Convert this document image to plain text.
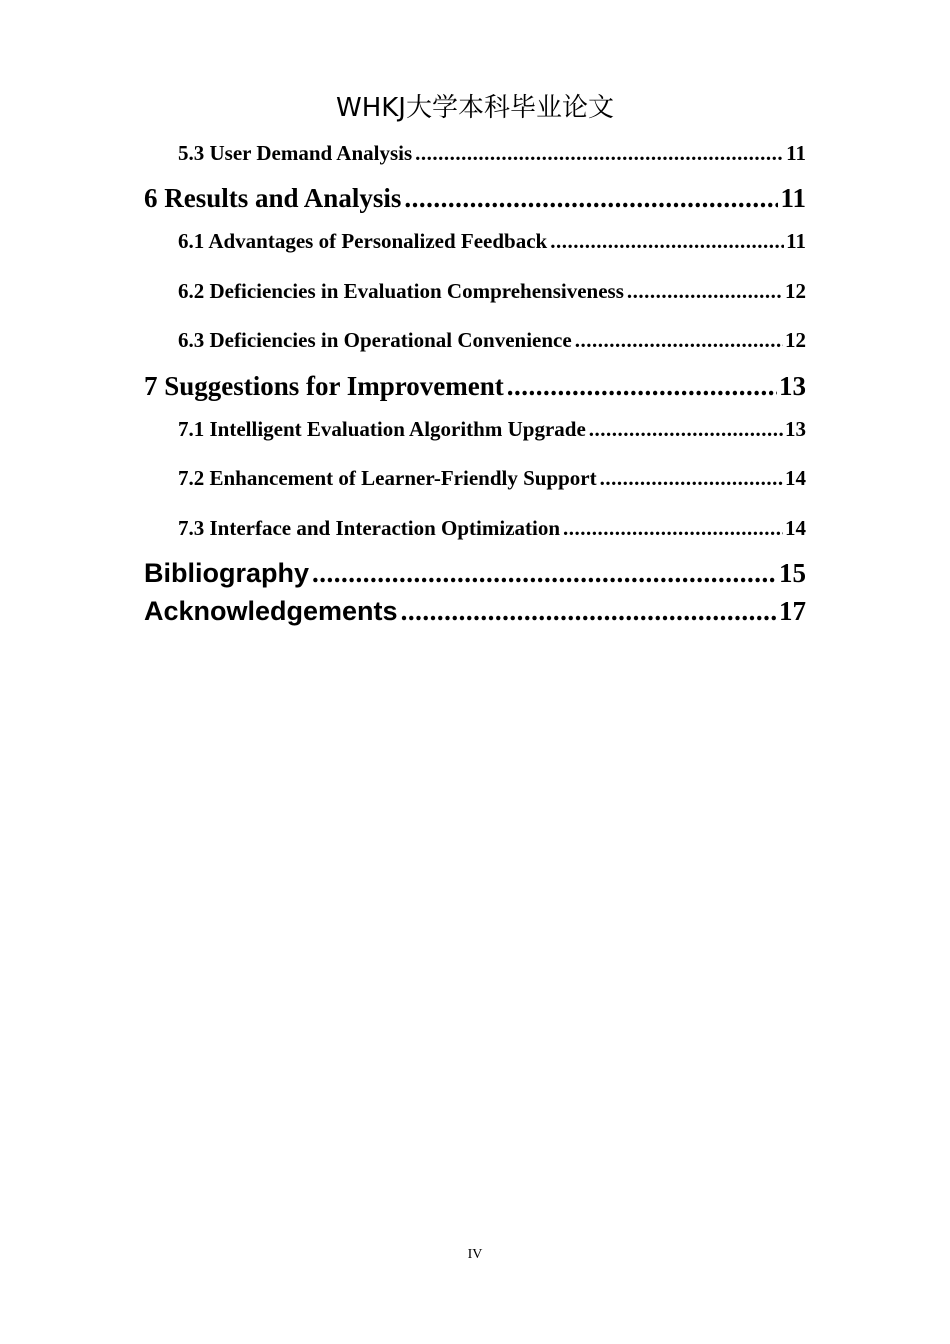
WHKJ大学本科毕业论文
5.3 User Demand Analysis .....	11
6 Results and Analysis .....	11
6.1 Advantages of Personalized Feedback .....	11
6.2 Deficiencies in Evaluation Comprehensiveness .....	12
6.3 Deficiencies in Operational Convenience .....	12
7 Suggestions for Improvement .....	13
7.1 Intelligent Evaluation Algorithm Upgrade .....	13
7.2 Enhancement of Learner-Friendly Support .....	14
7.3 Interface and Interaction Optimization .....	14
Bibliography .....	15
Acknowledgements .....	17
IV
